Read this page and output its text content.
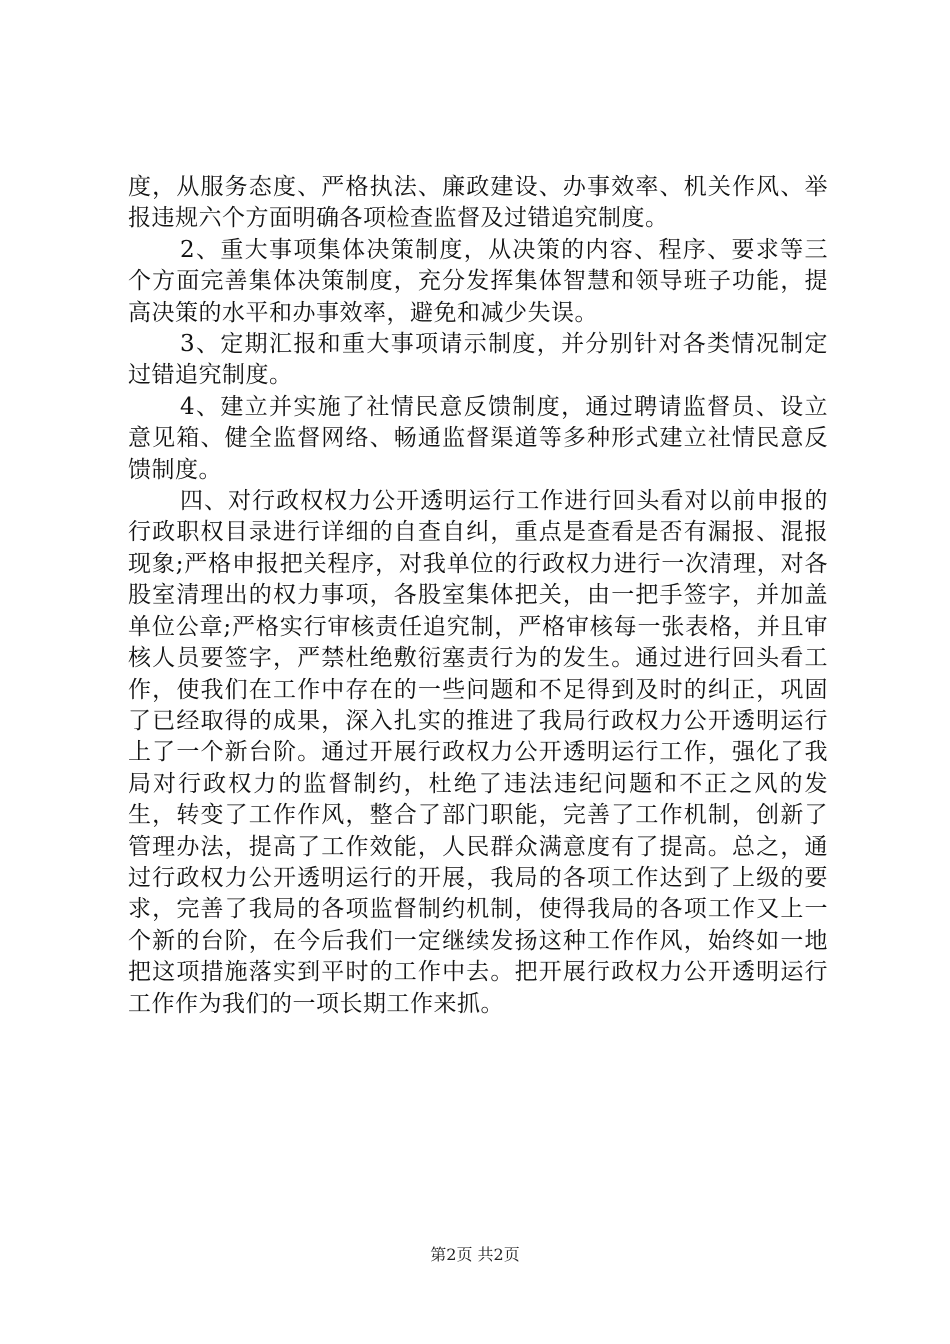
度，从服务态度、严格执法、廉政建设、办事效率、机关作风、举报违规六个方面明确各项检查监督及过错追究制度。

2、重大事项集体决策制度，从决策的内容、程序、要求等三个方面完善集体决策制度，充分发挥集体智慧和领导班子功能，提高决策的水平和办事效率，避免和减少失误。

3、定期汇报和重大事项请示制度，并分别针对各类情况制定过错追究制度。

4、建立并实施了社情民意反馈制度，通过聘请监督员、设立意见箱、健全监督网络、畅通监督渠道等多种形式建立社情民意反馈制度。

四、对行政权权力公开透明运行工作进行回头看对以前申报的行政职权目录进行详细的自查自纠，重点是查看是否有漏报、混报现象;严格申报把关程序，对我单位的行政权力进行一次清理，对各股室清理出的权力事项，各股室集体把关，由一把手签字，并加盖单位公章;严格实行审核责任追究制，严格审核每一张表格，并且审核人员要签字，严禁杜绝敷衍塞责行为的发生。通过进行回头看工作，使我们在工作中存在的一些问题和不足得到及时的纠正，巩固了已经取得的成果，深入扎实的推进了我局行政权力公开透明运行上了一个新台阶。通过开展行政权力公开透明运行工作，强化了我局对行政权力的监督制约，杜绝了违法违纪问题和不正之风的发生，转变了工作作风，整合了部门职能，完善了工作机制，创新了管理办法，提高了工作效能，人民群众满意度有了提高。总之，通过行政权力公开透明运行的开展，我局的各项工作达到了上级的要求，完善了我局的各项监督制约机制，使得我局的各项工作又上一个新的台阶，在今后我们一定继续发扬这种工作作风，始终如一地把这项措施落实到平时的工作中去。把开展行政权力公开透明运行工作作为我们的一项长期工作来抓。

第2页 共2页
